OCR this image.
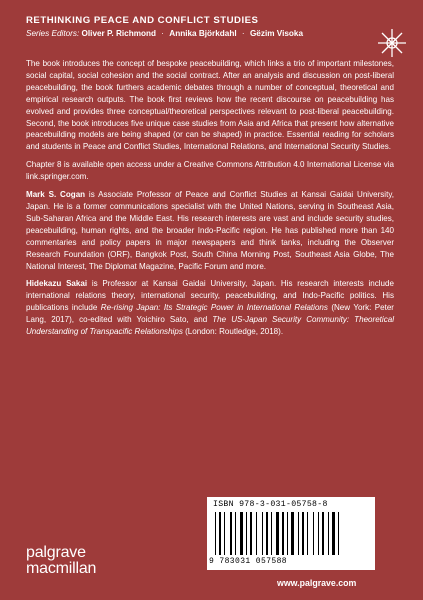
RETHINKING PEACE AND CONFLICT STUDIES
Series Editors: Oliver P. Richmond · Annika Björkdahl · Gëzim Visoka

The book introduces the concept of bespoke peacebuilding, which links a trio of important milestones, social capital, social cohesion and the social contract. After an analysis and discussion on post-liberal peacebuilding, the book furthers academic debates through a number of conceptual, theoretical and empirical research outputs. The book first reviews how the recent discourse on peacebuilding has evolved and provides three conceptual/theoretical perspectives relevant to post-liberal peacebuilding. Second, the book introduces five unique case studies from Asia and Africa that present how alternative peacebuilding models are being shaped (or can be shaped) in practice. Essential reading for scholars and students in Peace and Conflict Studies, International Relations, and International Security Studies.

Chapter 8 is available open access under a Creative Commons Attribution 4.0 International License via link.springer.com.

Mark S. Cogan is Associate Professor of Peace and Conflict Studies at Kansai Gaidai University, Japan. He is a former communications specialist with the United Nations, serving in Southeast Asia, Sub-Saharan Africa and the Middle East. His research interests are vast and include security studies, peacebuilding, human rights, and the broader Indo-Pacific region. He has published more than 140 commentaries and policy papers in major newspapers and think tanks, including the Observer Research Foundation (ORF), Bangkok Post, South China Morning Post, Southeast Asia Globe, The National Interest, The Diplomat Magazine, Pacific Forum and more.

Hidekazu Sakai is Professor at Kansai Gaidai University, Japan. His research interests include international relations theory, international security, peacebuilding, and Indo-Pacific politics. His publications include Re-rising Japan: Its Strategic Power in International Relations (New York: Peter Lang, 2017), co-edited with Yoichiro Sato, and The US-Japan Security Community: Theoretical Understanding of Transpacific Relationships (London: Routledge, 2018).

ISBN 978-3-031-05758-8
9 783031 057588
palgrave
macmillan
www.palgrave.com
